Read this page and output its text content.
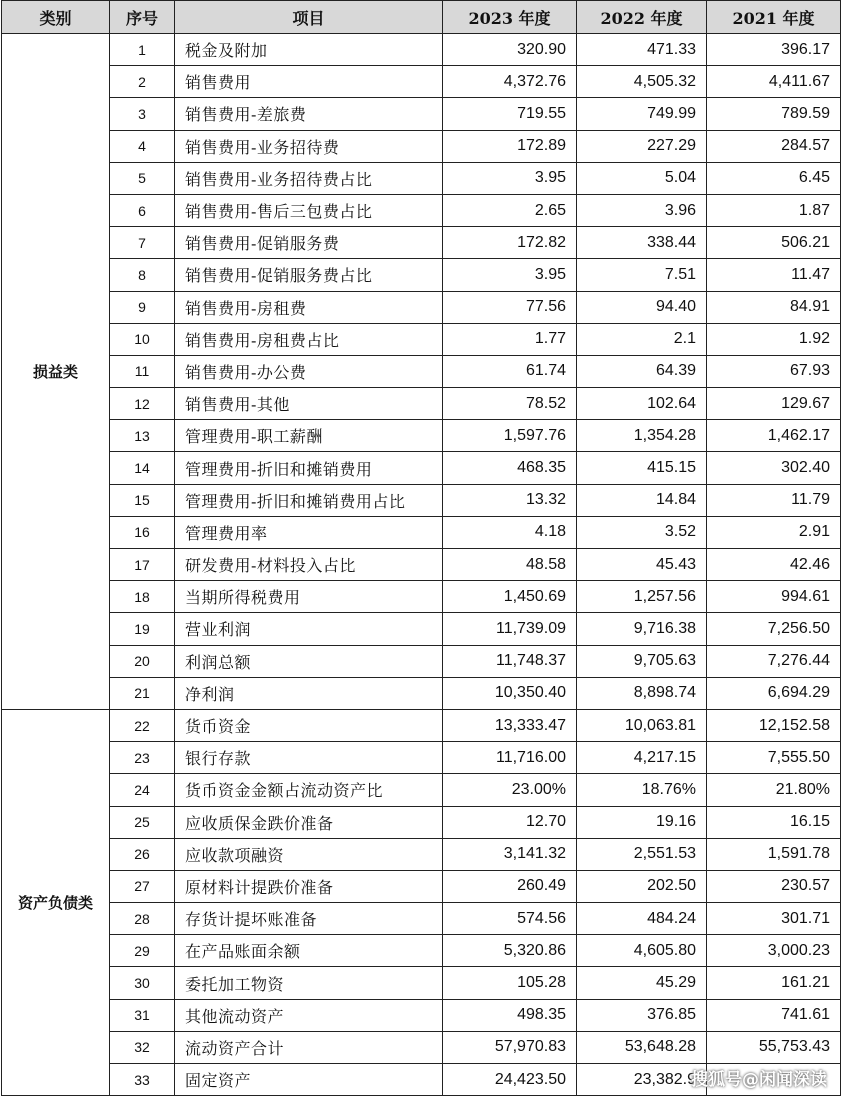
类别	序号	项目	2023 年度	2022 年度	2021 年度
损益类	1	税金及附加	320.90	471.33	396.17
	2	销售费用	4,372.76	4,505.32	4,411.67
	3	销售费用-差旅费	719.55	749.99	789.59
	4	销售费用-业务招待费	172.89	227.29	284.57
	5	销售费用-业务招待费占比	3.95	5.04	6.45
	6	销售费用-售后三包费占比	2.65	3.96	1.87
	7	销售费用-促销服务费	172.82	338.44	506.21
	8	销售费用-促销服务费占比	3.95	7.51	11.47
	9	销售费用-房租费	77.56	94.40	84.91
	10	销售费用-房租费占比	1.77	2.1	1.92
	11	销售费用-办公费	61.74	64.39	67.93
	12	销售费用-其他	78.52	102.64	129.67
	13	管理费用-职工薪酬	1,597.76	1,354.28	1,462.17
	14	管理费用-折旧和摊销费用	468.35	415.15	302.40
	15	管理费用-折旧和摊销费用占比	13.32	14.84	11.79
	16	管理费用率	4.18	3.52	2.91
	17	研发费用-材料投入占比	48.58	45.43	42.46
	18	当期所得税费用	1,450.69	1,257.56	994.61
	19	营业利润	11,739.09	9,716.38	7,256.50
	20	利润总额	11,748.37	9,705.63	7,276.44
	21	净利润	10,350.40	8,898.74	6,694.29
资产负债类	22	货币资金	13,333.47	10,063.81	12,152.58
	23	银行存款	11,716.00	4,217.15	7,555.50
	24	货币资金金额占流动资产比	23.00%	18.76%	21.80%
	25	应收质保金跌价准备	12.70	19.16	16.15
	26	应收款项融资	3,141.32	2,551.53	1,591.78
	27	原材料计提跌价准备	260.49	202.50	230.57
	28	存货计提坏账准备	574.56	484.24	301.71
	29	在产品账面余额	5,320.86	4,605.80	3,000.23
	30	委托加工物资	105.28	45.29	161.21
	31	其他流动资产	498.35	376.85	741.61
	32	流动资产合计	57,970.83	53,648.28	55,753.43
	33	固定资产	24,423.50	23,382.9	
搜狐号@闲闻深读
